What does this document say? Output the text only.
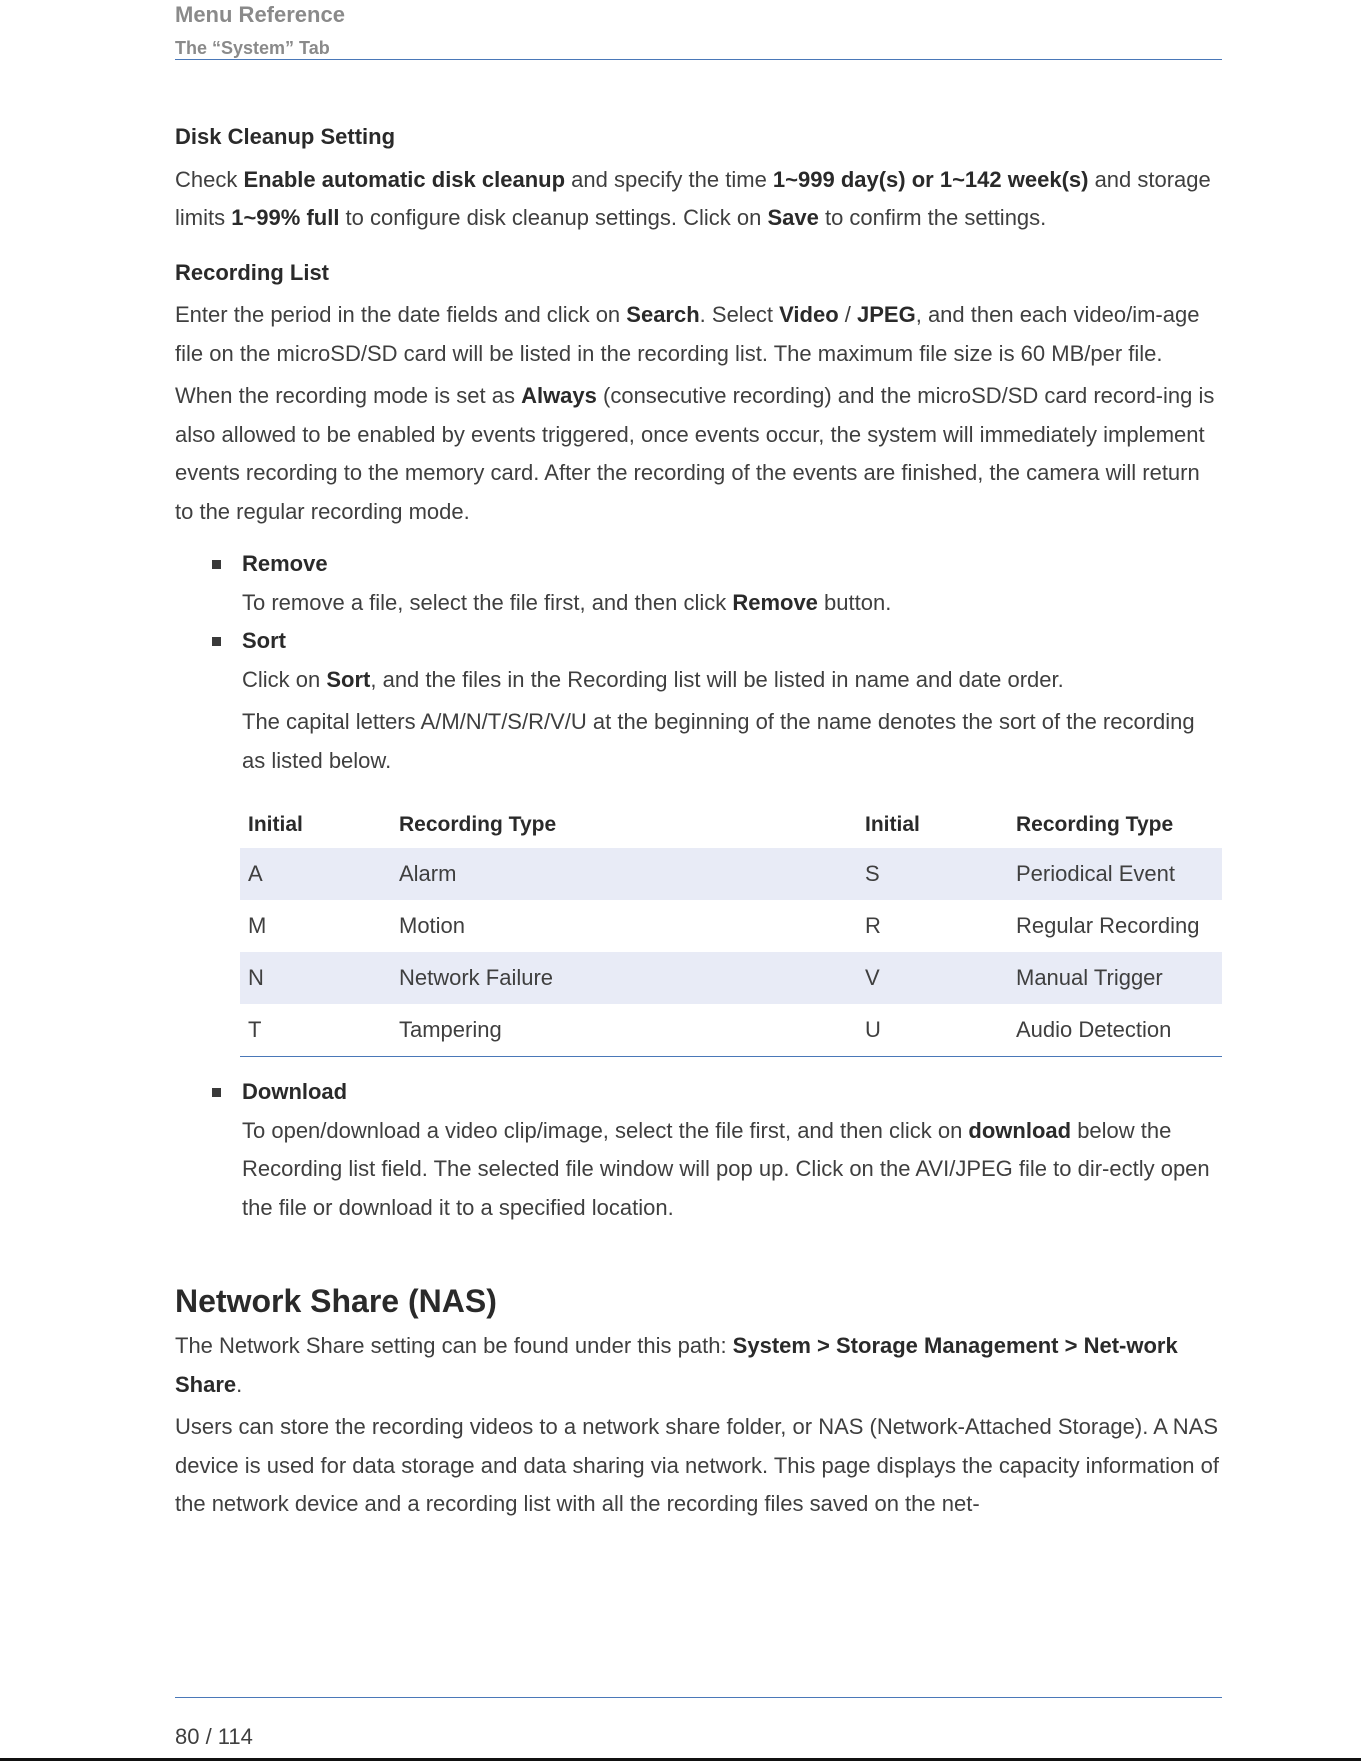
Menu Reference
The “System” Tab
Disk Cleanup Setting

Check Enable automatic disk cleanup and specify the time 1~999 day(s) or 1~142 week(s) and storage limits 1~99% full to configure disk cleanup settings. Click on Save to confirm the settings.

Recording List

Enter the period in the date fields and click on Search. Select Video / JPEG, and then each video/im-age file on the microSD/SD card will be listed in the recording list. The maximum file size is 60 MB/per file.

When the recording mode is set as Always (consecutive recording) and the microSD/SD card record-ing is also allowed to be enabled by events triggered, once events occur, the system will immediately implement events recording to the memory card. After the recording of the events are finished, the camera will return to the regular recording mode.

Remove

To remove a file, select the file first, and then click Remove button.

Sort

Click on Sort, and the files in the Recording list will be listed in name and date order.

The capital letters A/M/N/T/S/R/V/U at the beginning of the name denotes the sort of the recording as listed below.

Initial	Recording Type	Initial	Recording Type
A	Alarm	S	Periodical Event
M	Motion	R	Regular Recording
N	Network Failure	V	Manual Trigger
T	Tampering	U	Audio Detection
Download

To open/download a video clip/image, select the file first, and then click on download below the Recording list field. The selected file window will pop up. Click on the AVI/JPEG file to dir-ectly open the file or download it to a specified location.

Network Share (NAS)

The Network Share setting can be found under this path: System > Storage Management > Net-work Share.

Users can store the recording videos to a network share folder, or NAS (Network-Attached Storage). A NAS device is used for data storage and data sharing via network. This page displays the capacity information of the network device and a recording list with all the recording files saved on the net-

80 / 114
